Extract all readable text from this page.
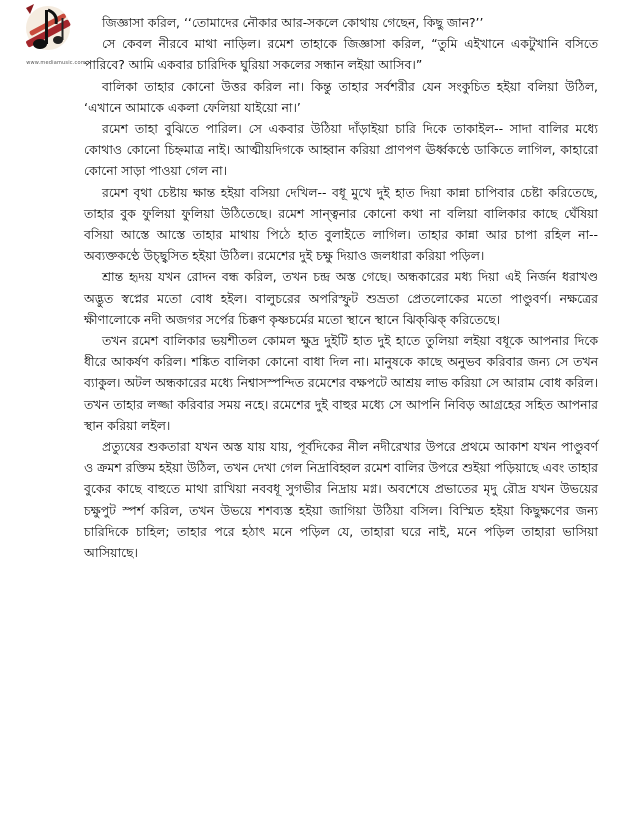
www.mediamusic.com

জিজ্ঞাসা করিল, ‘‘তোমাদের নৌকার আর-সকলে কোথায় গেছেন, কিছু জান?’’

সে কেবল নীরবে মাথা নাড়িল। রমেশ তাহাকে জিজ্ঞাসা করিল, “তুমি এইখানে একটুখানি বসিতে পারিবে? আমি একবার চারিদিক ঘুরিয়া সকলের সন্ধান লইয়া আসিব।”

বালিকা তাহার কোনো উত্তর করিল না। কিন্তু তাহার সর্বশরীর যেন সংকুচিত হইয়া বলিয়া উঠিল, ‘এখানে আমাকে একলা ফেলিয়া যাইয়ো না।’

রমেশ তাহা বুঝিতে পারিল। সে একবার উঠিয়া দাঁড়াইয়া চারি দিকে তাকাইল-- সাদা বালির মধ্যে কোথাও কোনো চিহ্নমাত্র নাই। আত্মীয়দিগকে আহ্বান করিয়া প্রাণপণ ঊর্ধ্বকণ্ঠে ডাকিতে লাগিল, কাহারো কোনো সাড়া পাওয়া গেল না।

রমেশ বৃথা চেষ্টায় ক্ষান্ত হইয়া বসিয়া দেখিল-- বধূ মুখে দুই হাত দিয়া কান্না চাপিবার চেষ্টা করিতেছে, তাহার বুক ফুলিয়া ফুলিয়া উঠিতেছে। রমেশ সান্ত্বনার কোনো কথা না বলিয়া বালিকার কাছে ঘেঁষিয়া বসিয়া আস্তে আস্তে তাহার মাথায় পিঠে হাত বুলাইতে লাগিল। তাহার কান্না আর চাপা রহিল না-- অব্যক্তকণ্ঠে উচ্ছ্বসিত হইয়া উঠিল। রমেশের দুই চক্ষু দিয়াও জলধারা করিয়া পড়িল।

শ্রান্ত হৃদয় যখন রোদন বন্ধ করিল, তখন চন্দ্র অস্ত গেছে। অন্ধকারের মধ্য দিয়া এই নির্জন ধরাখণ্ড অদ্ভুত স্বপ্নের মতো বোধ হইল। বালুচরের অপরিস্ফুট শুভ্রতা প্রেতলোকের মতো পাণ্ডুবর্ণ। নক্ষত্রের ক্ষীণালোকে নদী অজগর সর্পের চিক্কণ কৃষ্ণচর্মের মতো স্থানে স্থানে ঝিক্‌ঝিক্‌ করিতেছে।

তখন রমেশ বালিকার ভয়শীতল কোমল ক্ষুদ্র দুইটি হাত দুই হাতে তুলিয়া লইয়া বধূকে আপনার দিকে ধীরে আকর্ষণ করিল। শঙ্কিত বালিকা কোনো বাধা দিল না। মানুষকে কাছে অনুভব করিবার জন্য সে তখন ব্যাকুল। অটল অন্ধকারের মধ্যে নিশ্বাসস্পন্দিত রমেশের বক্ষপটে আশ্রয় লাভ করিয়া সে আরাম বোধ করিল। তখন তাহার লজ্জা করিবার সময় নহে। রমেশের দুই বাহুর মধ্যে সে আপনি নিবিড় আগ্রহের সহিত আপনার স্থান করিয়া লইল।

প্রত্যুষের শুকতারা যখন অস্ত যায় যায়, পূর্বদিকের নীল নদীরেখার উপরে প্রথমে আকাশ যখন পাণ্ডুবর্ণ ও ক্রমশ রক্তিম হইয়া উঠিল, তখন দেখা গেল নিদ্রাবিহ্বল রমেশ বালির উপরে শুইয়া পড়িয়াছে এবং তাহার বুকের কাছে বাহুতে মাথা রাখিয়া নববধূ সুগভীর নিদ্রায় মগ্ন। অবশেষে প্রভাতের মৃদু রৌদ্র যখন উভয়ের চক্ষুপুট স্পর্শ করিল, তখন উভয়ে শশব্যস্ত হইয়া জাগিয়া উঠিয়া বসিল। বিস্মিত হইয়া কিছুক্ষণের জন্য চারিদিকে চাহিল; তাহার পরে হঠাৎ মনে পড়িল যে, তাহারা ঘরে নাই, মনে পড়িল তাহারা ভাসিয়া আসিয়াছে।
